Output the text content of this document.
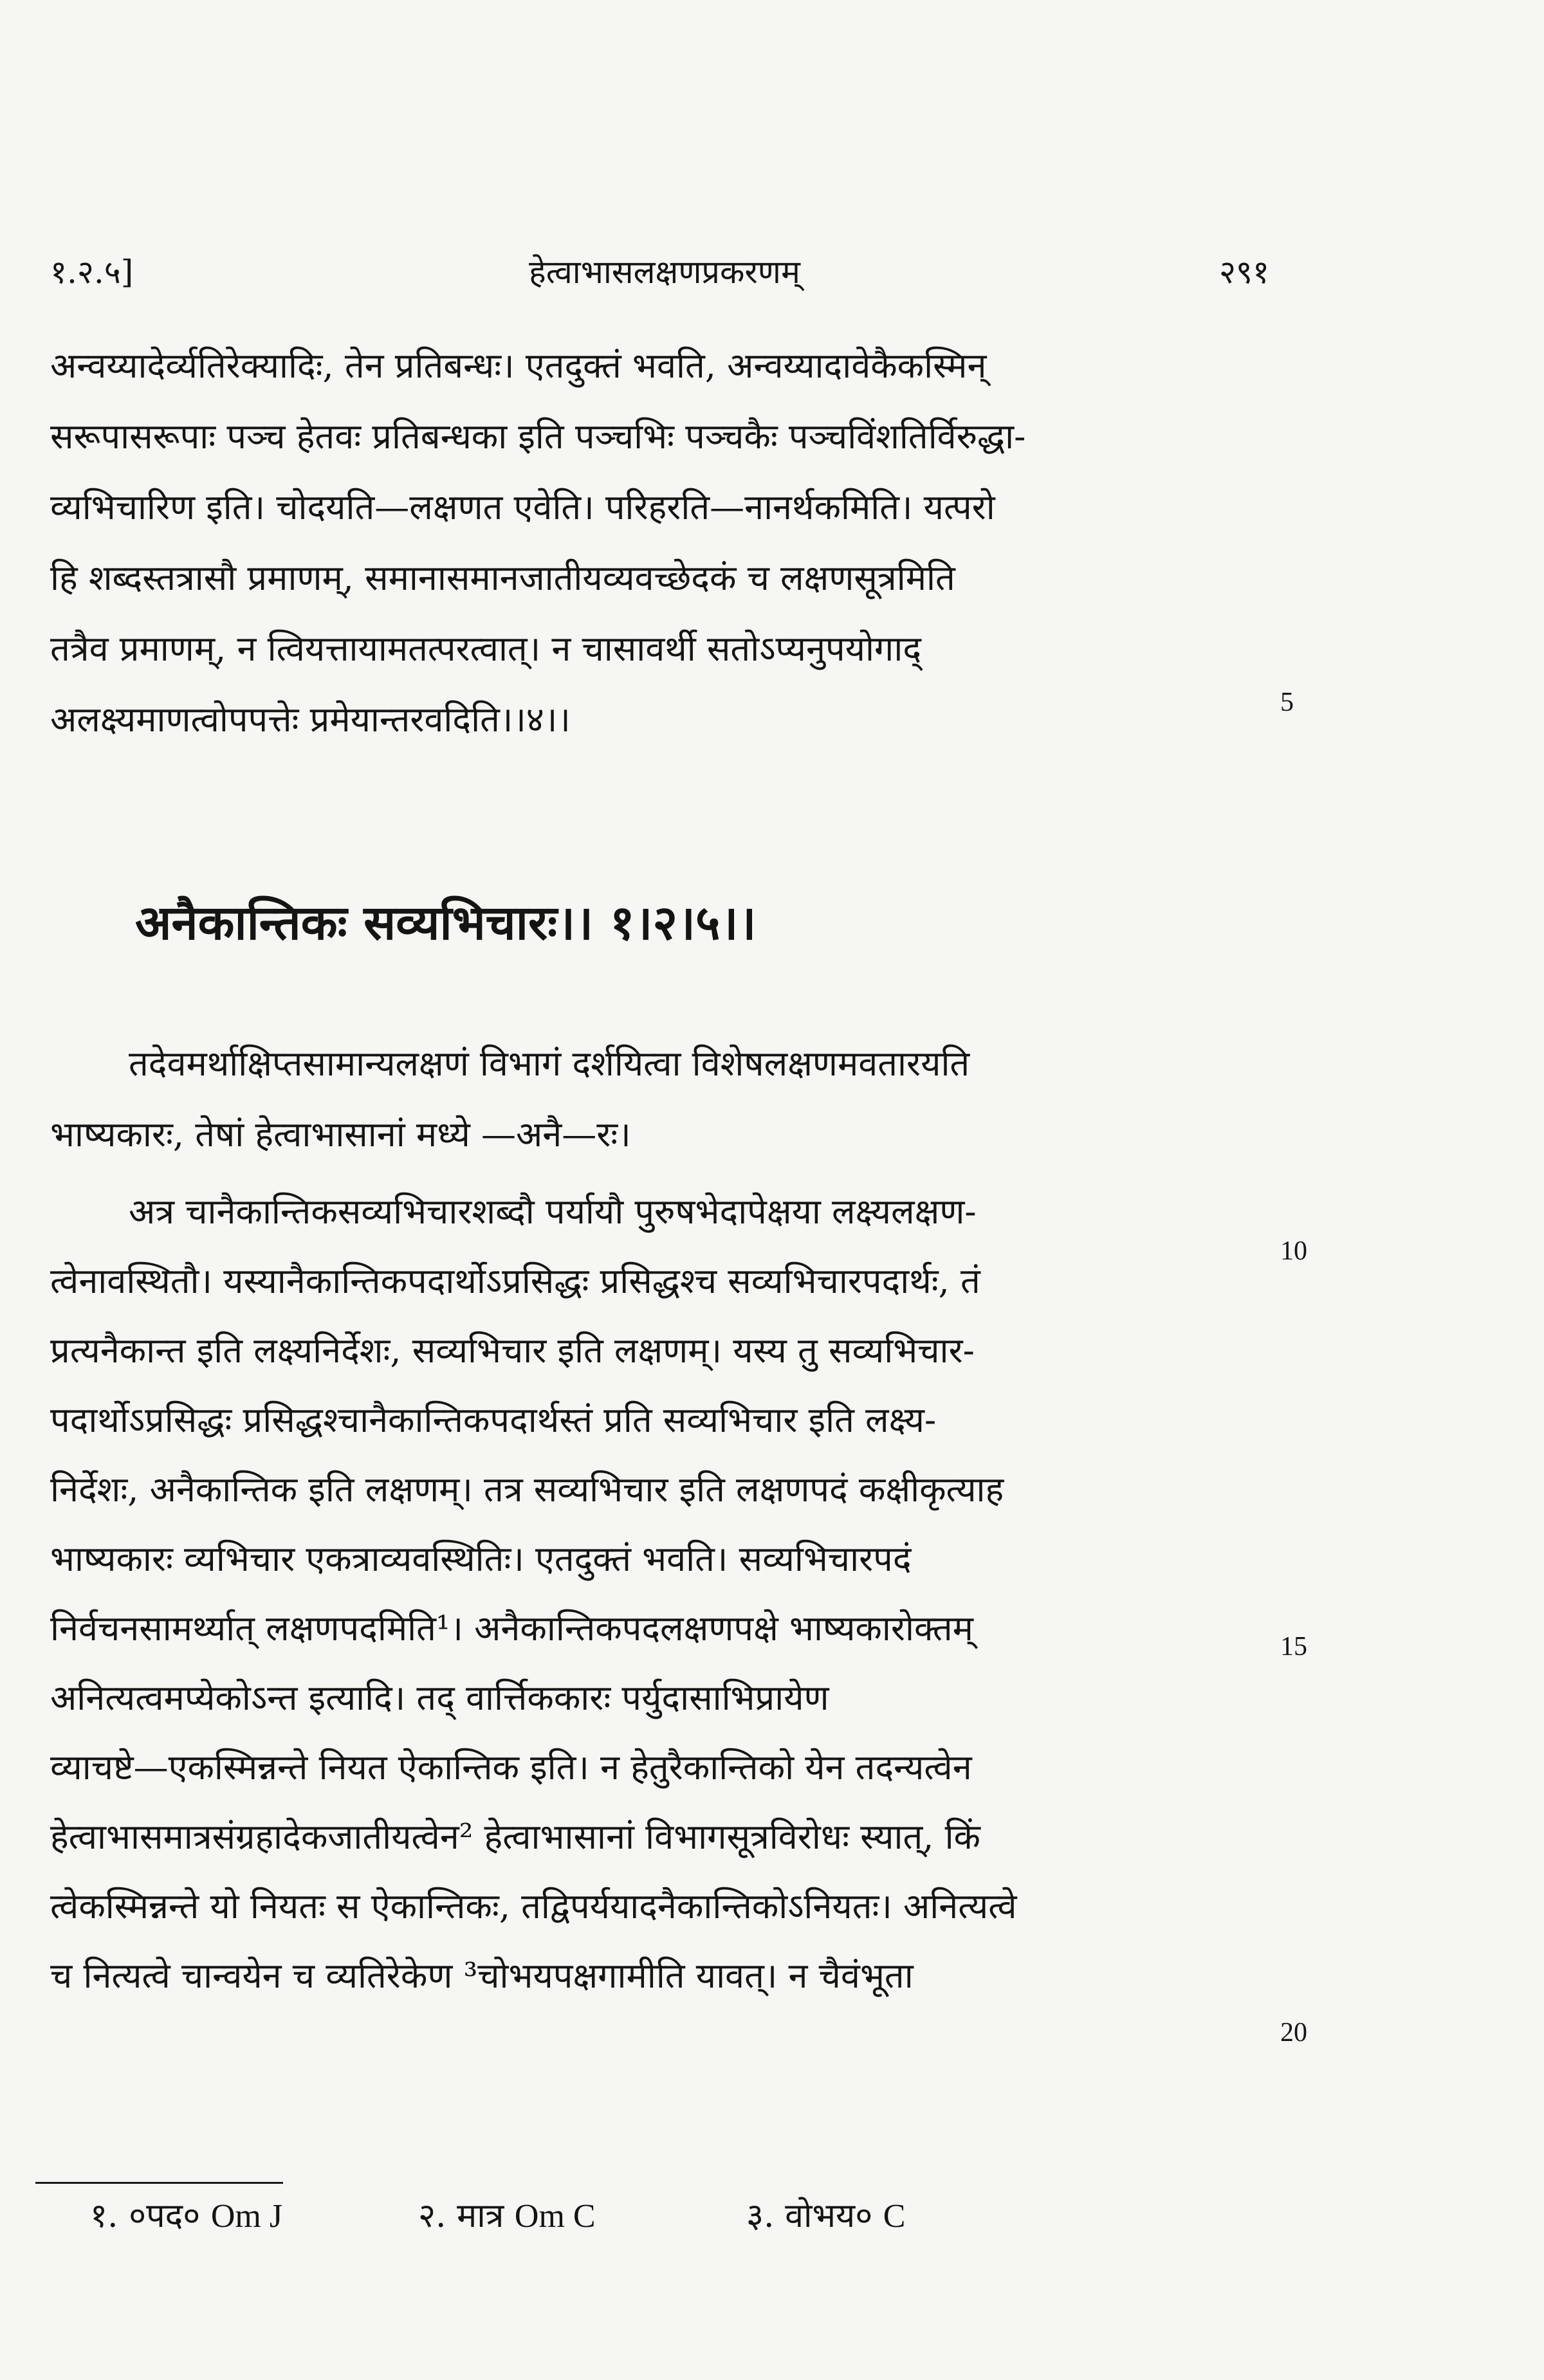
१.२.५]	हेत्वाभासलक्षणप्रकरणम्	२९१
अन्वय्यादेर्व्यतिरेक्यादिः, तेन प्रतिबन्धः। एतदुक्तं भवति, अन्वय्यादावेकैकस्मिन्
सरूपासरूपाः पञ्च हेतवः प्रतिबन्धका इति पञ्चभिः पञ्चकैः पञ्चविंशतिर्विरुद्धा-
व्यभिचारिण इति। चोदयति—लक्षणत एवेति। परिहरति—नानर्थकमिति। यत्परो
हि शब्दस्तत्रासौ प्रमाणम्, समानासमानजातीयव्यवच्छेदकं च लक्षणसूत्रमिति
तत्रैव प्रमाणम्, न त्वियत्तायामतत्परत्वात्। न चासावर्थी सतोऽप्यनुपयोगाद्
अलक्ष्यमाणत्वोपपत्तेः प्रमेयान्तरवदिति।।४।।
अनैकान्तिकः सव्यभिचारः।। १।२।५।।
तदेवमर्थाक्षिप्तसामान्यलक्षणं विभागं दर्शयित्वा विशेषलक्षणमवतारयति
भाष्यकारः, तेषां हेत्वाभासानां मध्ये —अनै—रः।
अत्र चानैकान्तिकसव्यभिचारशब्दौ पर्यायौ पुरुषभेदापेक्षया लक्ष्यलक्षण-
त्वेनावस्थितौ। यस्यानैकान्तिकपदार्थोऽप्रसिद्धः प्रसिद्धश्च सव्यभिचारपदार्थः, तं
प्रत्यनैकान्त इति लक्ष्यनिर्देशः, सव्यभिचार इति लक्षणम्। यस्य तु सव्यभिचार-
पदार्थोऽप्रसिद्धः प्रसिद्धश्चानैकान्तिकपदार्थस्तं प्रति सव्यभिचार इति लक्ष्य-
निर्देशः, अनैकान्तिक इति लक्षणम्। तत्र सव्यभिचार इति लक्षणपदं कक्षीकृत्याह
भाष्यकारः व्यभिचार एकत्राव्यवस्थितिः। एतदुक्तं भवति। सव्यभिचारपदं
निर्वचनसामर्थ्यात् लक्षणपदमिति¹। अनैकान्तिकपदलक्षणपक्षे भाष्यकारोक्तम्
अनित्यत्वमप्येकोऽन्त इत्यादि। तद् वार्त्तिककारः पर्युदासाभिप्रायेण
व्याचष्टे—एकस्मिन्नन्ते नियत ऐकान्तिक इति। न हेतुरैकान्तिको येन तदन्यत्वेन
हेत्वाभासमात्रसंग्रहादेकजातीयत्वेन² हेत्वाभासानां विभागसूत्रविरोधः स्यात्, किं
त्वेकस्मिन्नन्ते यो नियतः स ऐकान्तिकः, तद्विपर्ययादनैकान्तिकोऽनियतः। अनित्यत्वे
च नित्यत्वे चान्वयेन च व्यतिरेकेण ³चोभयपक्षगामीति यावत्। न चैवंभूता
5
10
15
20
१. ०पद० Om J	२. मात्र Om C	३. वोभय० C
